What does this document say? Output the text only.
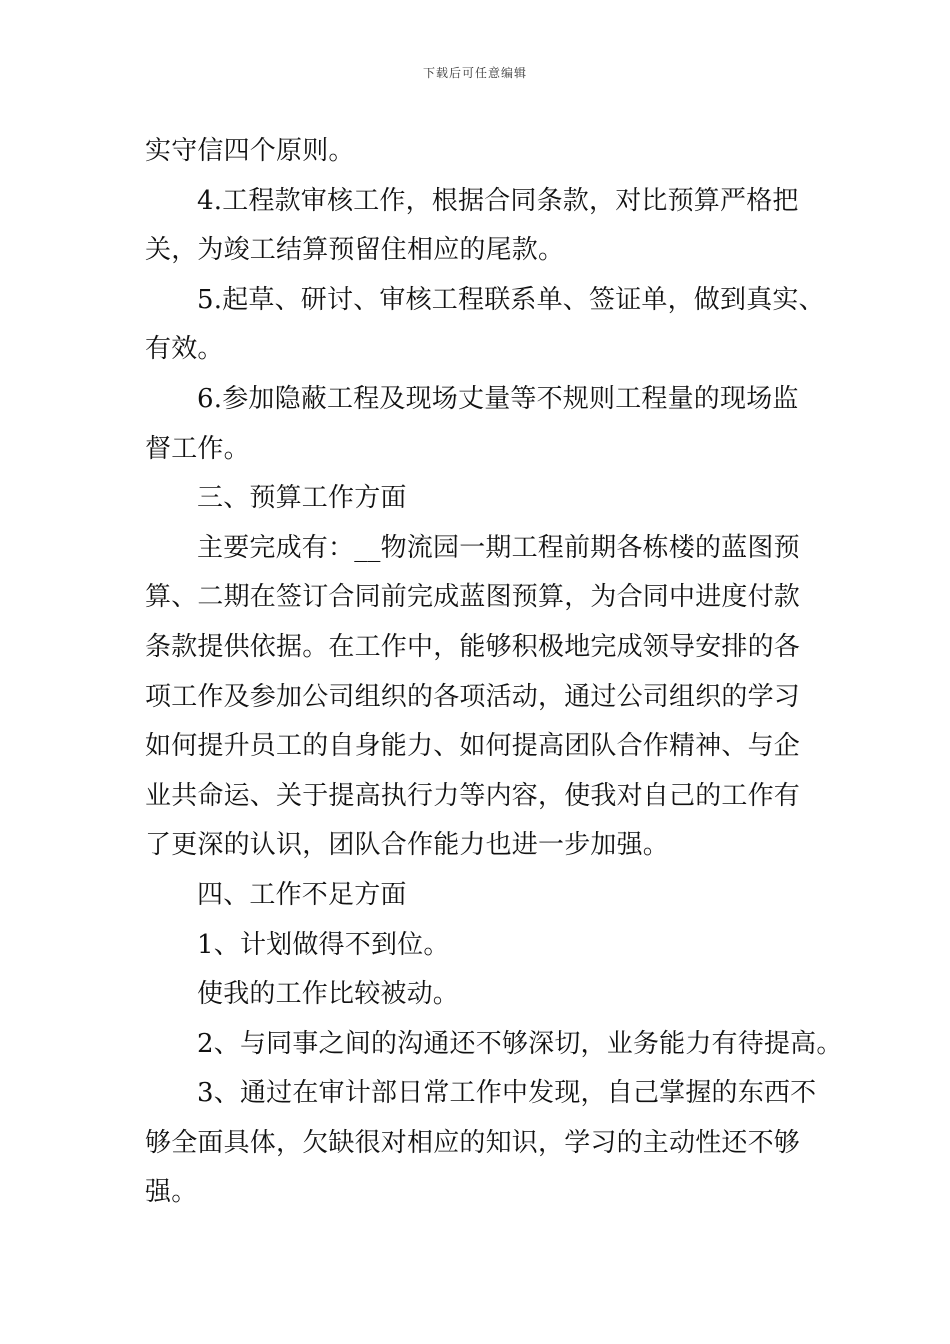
下载后可任意编辑
实守信四个原则。
4.工程款审核工作，根据合同条款，对比预算严格把
关，为竣工结算预留住相应的尾款。
5.起草、研讨、审核工程联系单、签证单，做到真实、
有效。
6.参加隐蔽工程及现场丈量等不规则工程量的现场监
督工作。
三、预算工作方面
主要完成有：__物流园一期工程前期各栋楼的蓝图预
算、二期在签订合同前完成蓝图预算，为合同中进度付款
条款提供依据。在工作中，能够积极地完成领导安排的各
项工作及参加公司组织的各项活动，通过公司组织的学习
如何提升员工的自身能力、如何提高团队合作精神、与企
业共命运、关于提高执行力等内容，使我对自己的工作有
了更深的认识，团队合作能力也进一步加强。
四、工作不足方面
1、计划做得不到位。
使我的工作比较被动。
2、与同事之间的沟通还不够深切，业务能力有待提高。
3、通过在审计部日常工作中发现，自己掌握的东西不
够全面具体，欠缺很对相应的知识，学习的主动性还不够
强。
